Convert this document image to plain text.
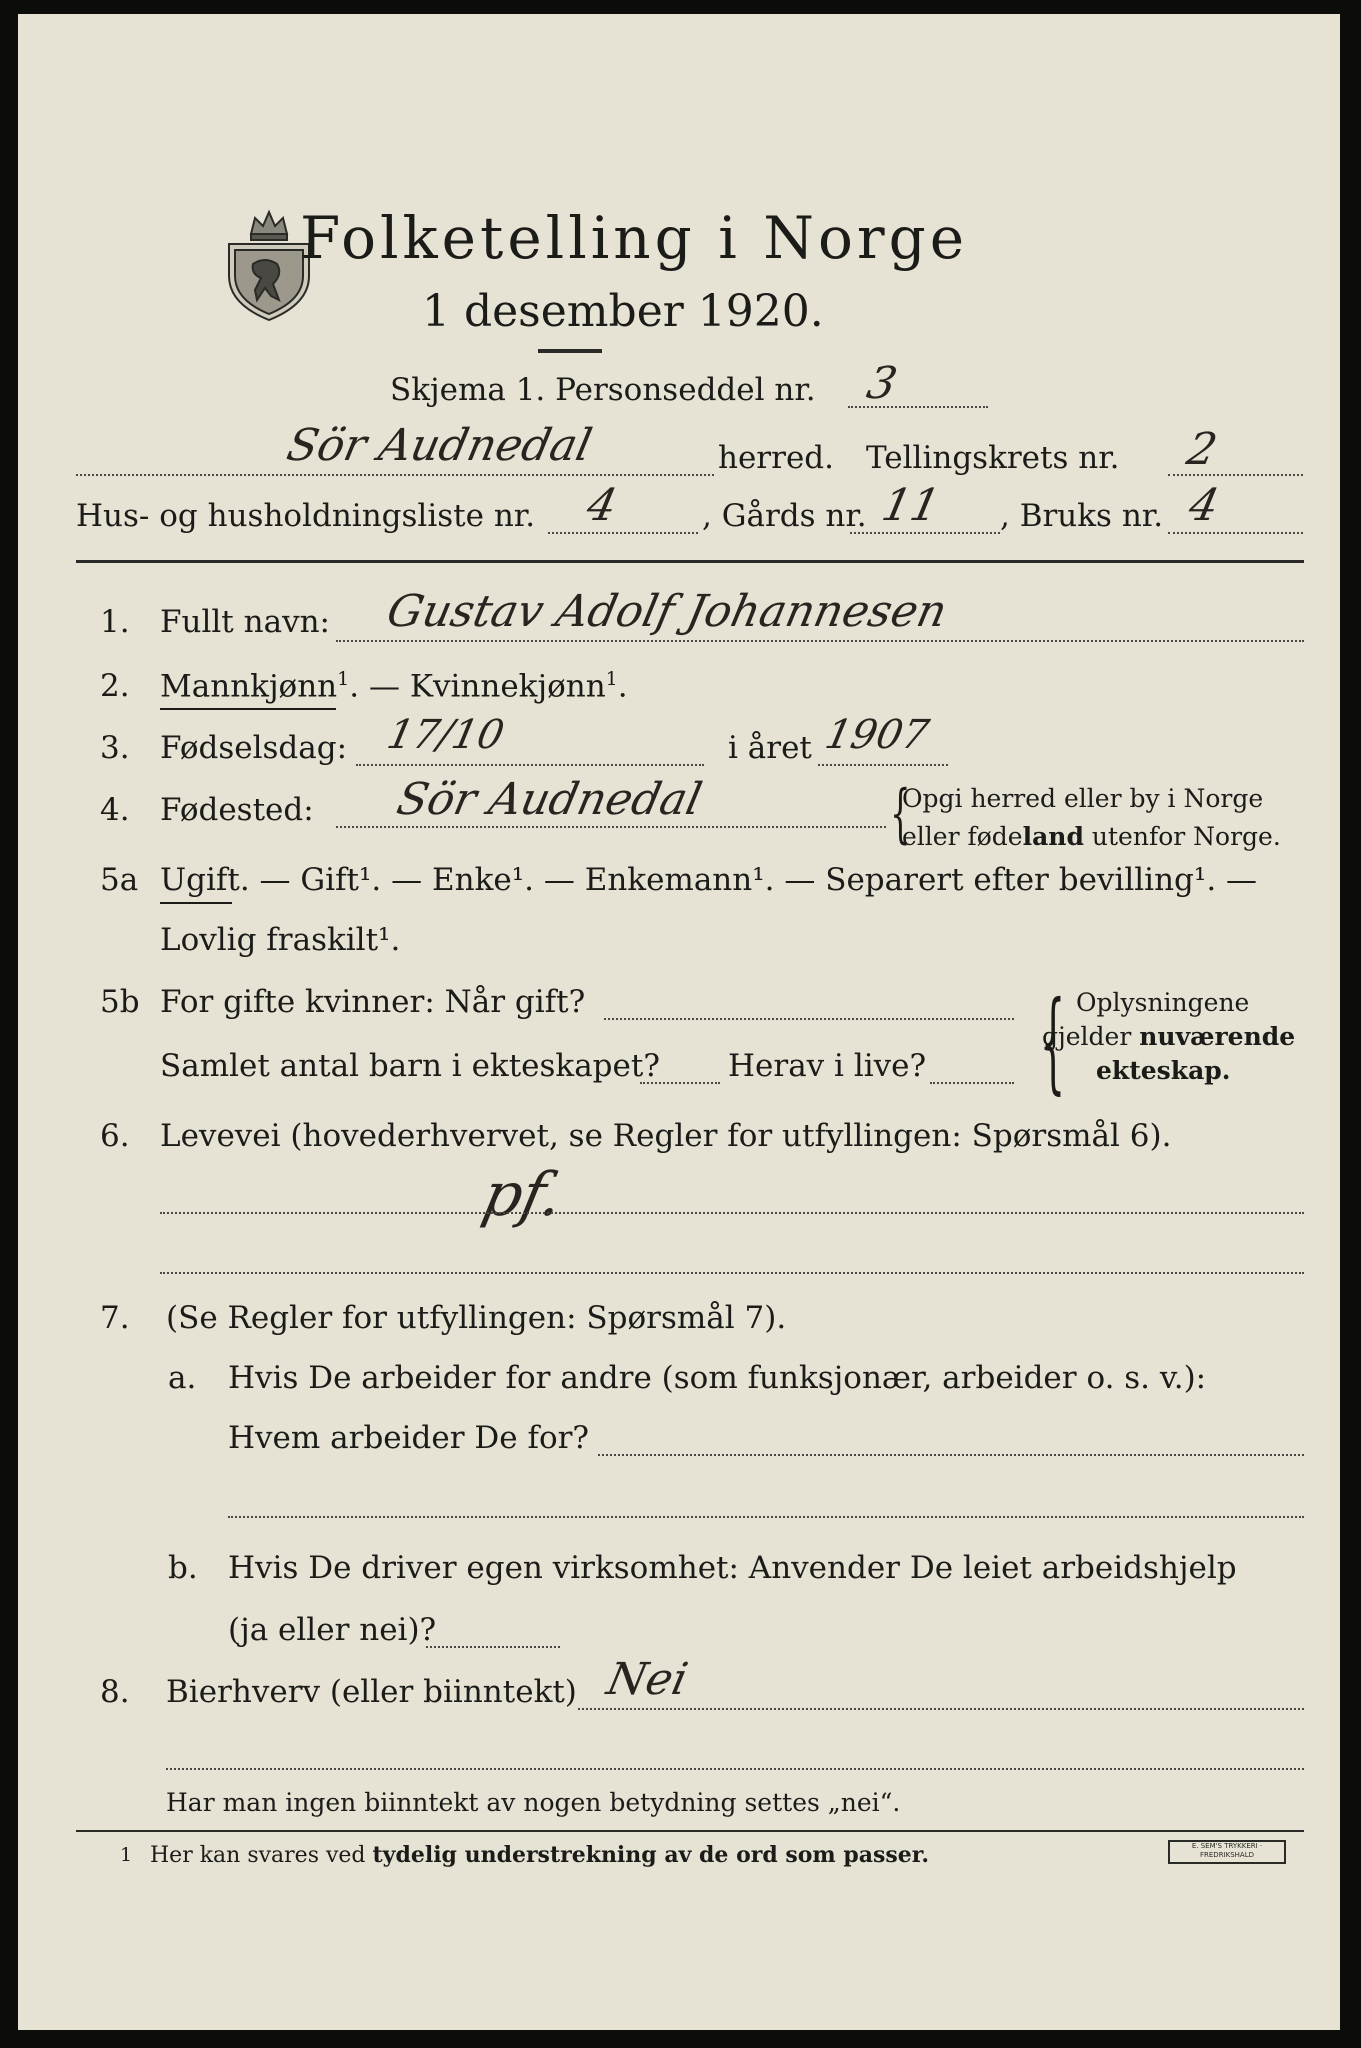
Folketelling i Norge
1 desember 1920.
Skjema 1. Personseddel nr. 3
Sör Audnedal	herred. Tellingskrets nr. 2
Hus- og husholdningsliste nr. 4	, Gårds nr. 11 , Bruks nr. 4
1. Fullt navn: Gustav Adolf Johannesen
2. Mannkjønn$^1$. — Kvinnekjønn$^1$.
3. Fødselsdag: 17/10	i året 1907
4. Fødested: Sör Audnedal	{
Opgi herred eller by i Norge
eller fødeland utenfor Norge.
5a Ugift. — Gift¹. — Enke¹. — Enkemann¹. — Separert efter bevilling¹. —
Lovlig fraskilt¹.
5b For gifte kvinner: Når gift?
Samlet antal barn i ekteskapet? Herav i live? { Oplysningene
gjelder nuværende
ekteskap.
6. Levevei (hovederhvervet, se Regler for utfyllingen: Spørsmål 6).
pf.
7. (Se Regler for utfyllingen: Spørsmål 7).
a. Hvis De arbeider for andre (som funksjonær, arbeider o. s. v.):
Hvem arbeider De for?
b. Hvis De driver egen virksomhet: Anvender De leiet arbeidshjelp
(ja eller nei)?
8. Bierhverv (eller biinntekt) Nei
Har man ingen biinntekt av nogen betydning settes „nei“.
1 Her kan svares ved tydelig understrekning av de ord som passer.	E. SEM'S TRYKKERI · FREDRIKSHALD
